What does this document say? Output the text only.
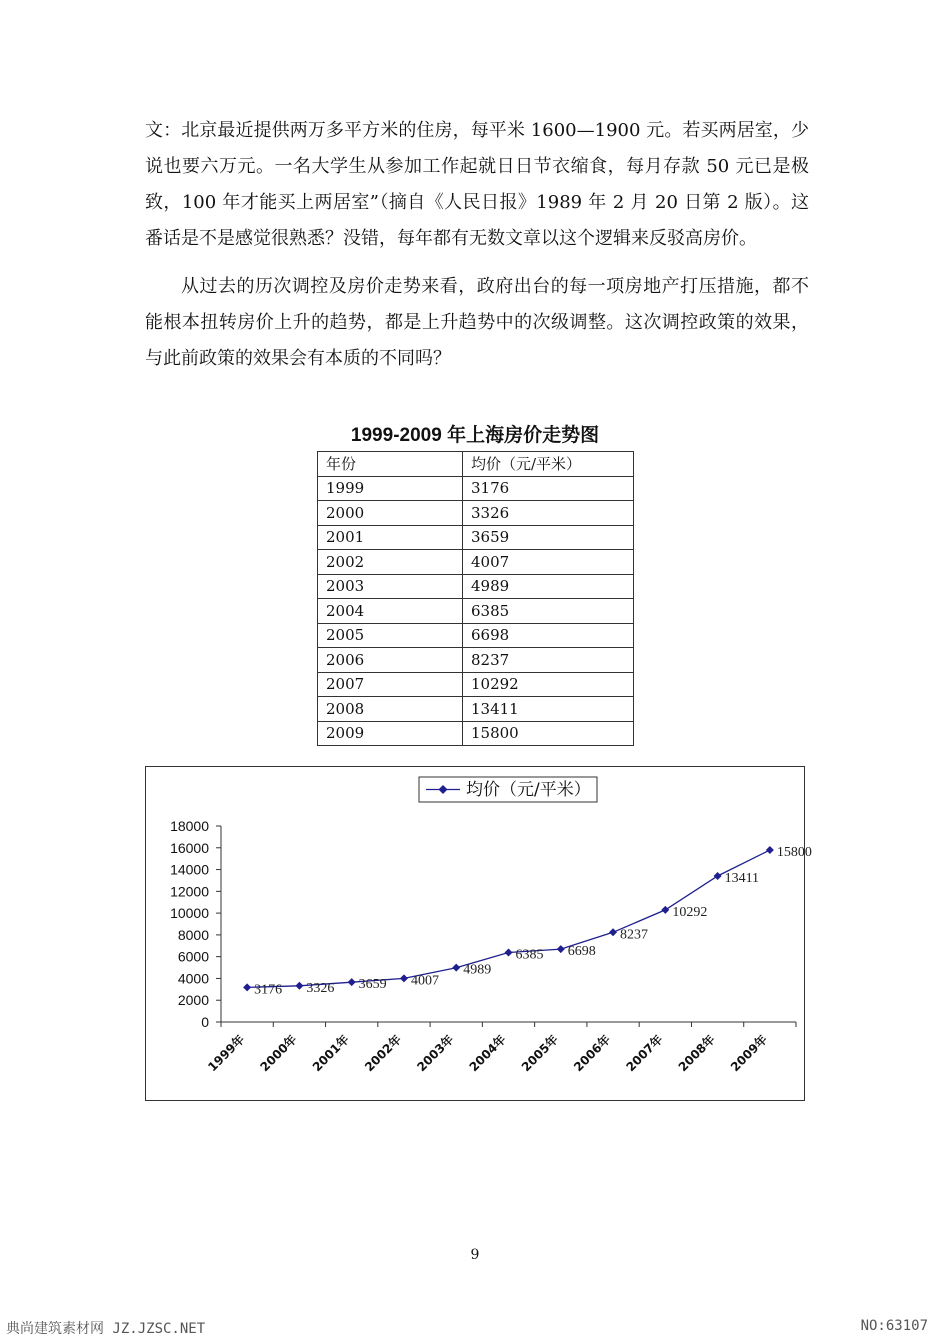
文：北京最近提供两万多平方米的住房，每平米 1600—1900 元。若买两居室，少说也要六万元。一名大学生从参加工作起就日日节衣缩食，每月存款 50 元已是极致，100 年才能买上两居室”（摘自《人民日报》1989 年 2 月 20 日第 2 版）。这番话是不是感觉很熟悉？没错，每年都有无数文章以这个逻辑来反驳高房价。

从过去的历次调控及房价走势来看，政府出台的每一项房地产打压措施，都不能根本扭转房价上升的趋势，都是上升趋势中的次级调整。这次调控政策的效果，与此前政策的效果会有本质的不同吗？

1999-2009 年上海房价走势图
年份	均价（元/平米）
1999	3176
2000	3326
2001	3659
2002	4007
2003	4989
2004	6385
2005	6698
2006	8237
2007	10292
2008	13411
2009	15800
均价（元/平米）
0
2000
4000
6000
8000
10000
12000
14000
16000
18000
1999年 2000年 2001年 2002年 2003年 2004年 2005年 2006年 2007年 2008年 2009年
3176 3326 3659 4007
4989
6385 6698
8237
10292
13411
15800
9
典尚建筑素材网 JZ.JZSC.NET	NO:63107
